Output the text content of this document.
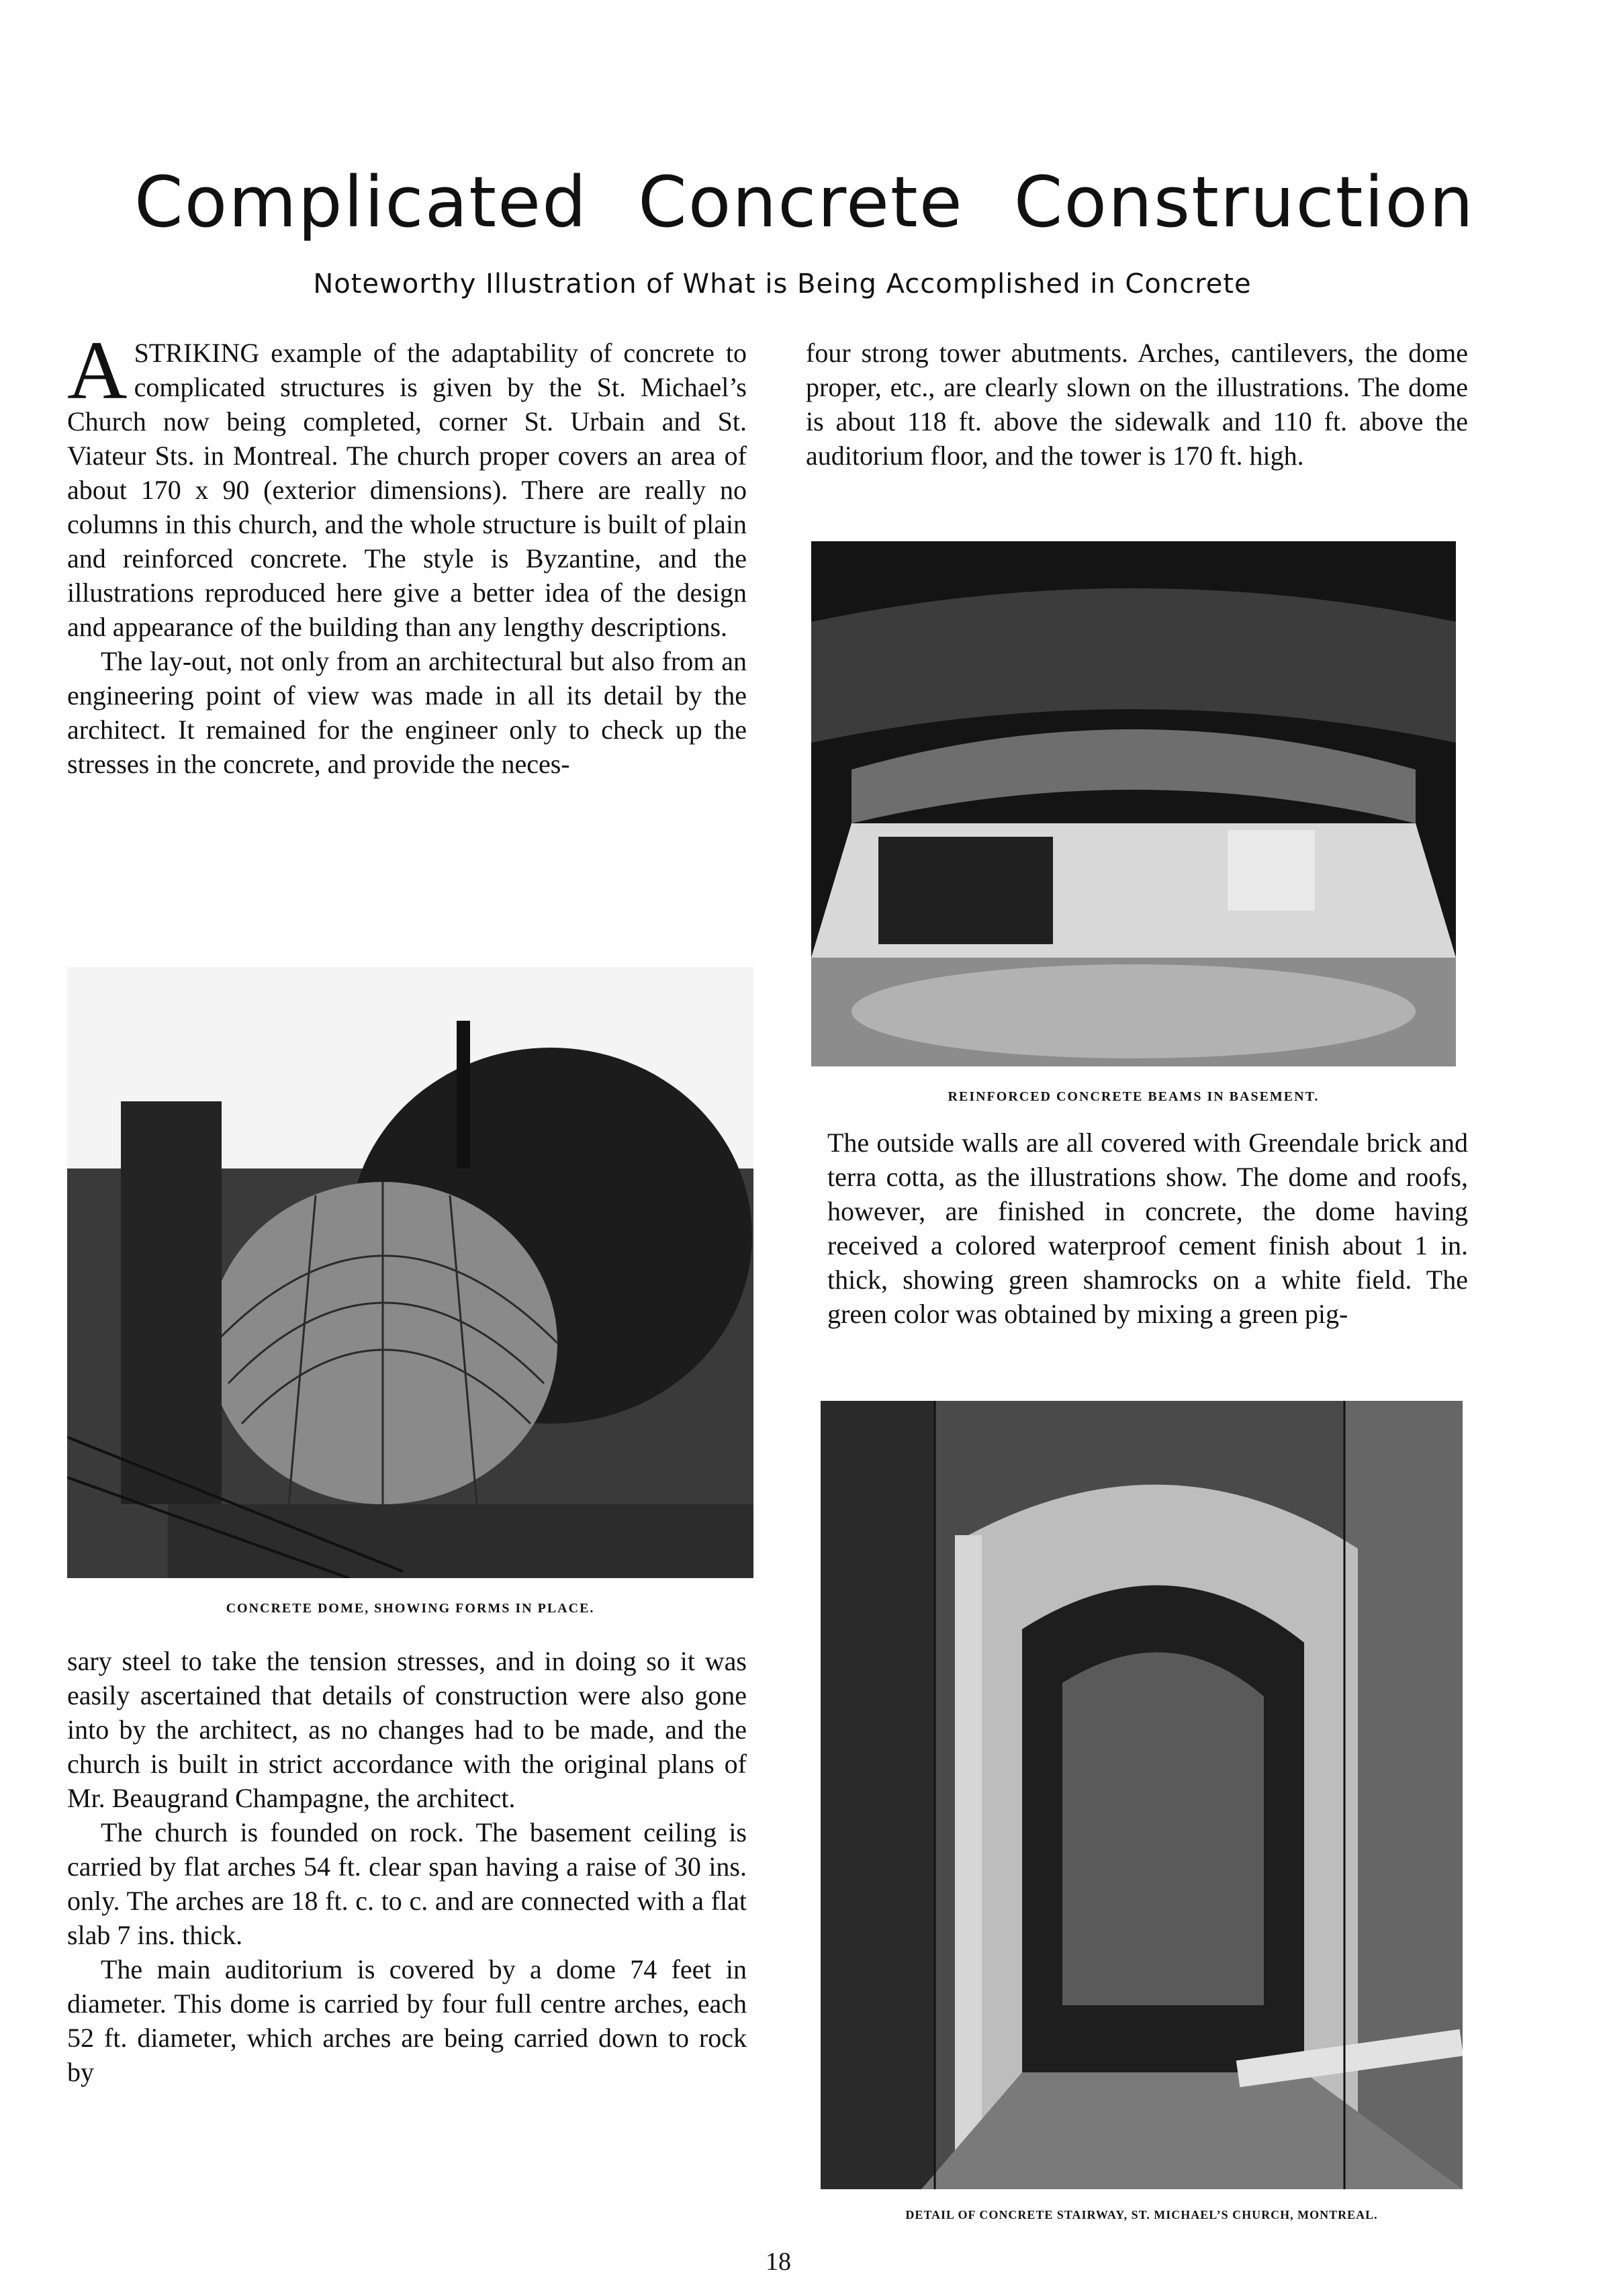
Complicated Concrete Construction
Noteworthy Illustration of What is Being Accomplished in Concrete

A STRIKING example of the adaptability of concrete to complicated structures is given by the St. Michael’s Church now being completed, corner St. Urbain and St. Viateur Sts. in Montreal. The church proper covers an area of about 170 x 90 (exterior dimensions). There are really no columns in this church, and the whole structure is built of plain and reinforced concrete. The style is Byzantine, and the illustrations reproduced here give a better idea of the design and appearance of the building than any lengthy descriptions.

The lay-out, not only from an architectural but also from an engineering point of view was made in all its detail by the architect. It remained for the engineer only to check up the stresses in the concrete, and provide the neces-

CONCRETE DOME, SHOWING FORMS IN PLACE.

sary steel to take the tension stresses, and in doing so it was easily ascertained that details of construction were also gone into by the architect, as no changes had to be made, and the church is built in strict accordance with the original plans of Mr. Beaugrand Champagne, the architect.

The church is founded on rock. The basement ceiling is carried by flat arches 54 ft. clear span having a raise of 30 ins. only. The arches are 18 ft. c. to c. and are connected with a flat slab 7 ins. thick.

The main auditorium is covered by a dome 74 feet in diameter. This dome is carried by four full centre arches, each 52 ft. diameter, which arches are being carried down to rock by

four strong tower abutments. Arches, cantilevers, the dome proper, etc., are clearly slown on the illustrations. The dome is about 118 ft. above the sidewalk and 110 ft. above the auditorium floor, and the tower is 170 ft. high.

REINFORCED CONCRETE BEAMS IN BASEMENT.

The outside walls are all covered with Greendale brick and terra cotta, as the illustrations show. The dome and roofs, however, are finished in concrete, the dome having received a colored waterproof cement finish about 1 in. thick, showing green shamrocks on a white field. The green color was obtained by mixing a green pig-

DETAIL OF CONCRETE STAIRWAY, ST. MICHAEL’S CHURCH, MONTREAL.
18
